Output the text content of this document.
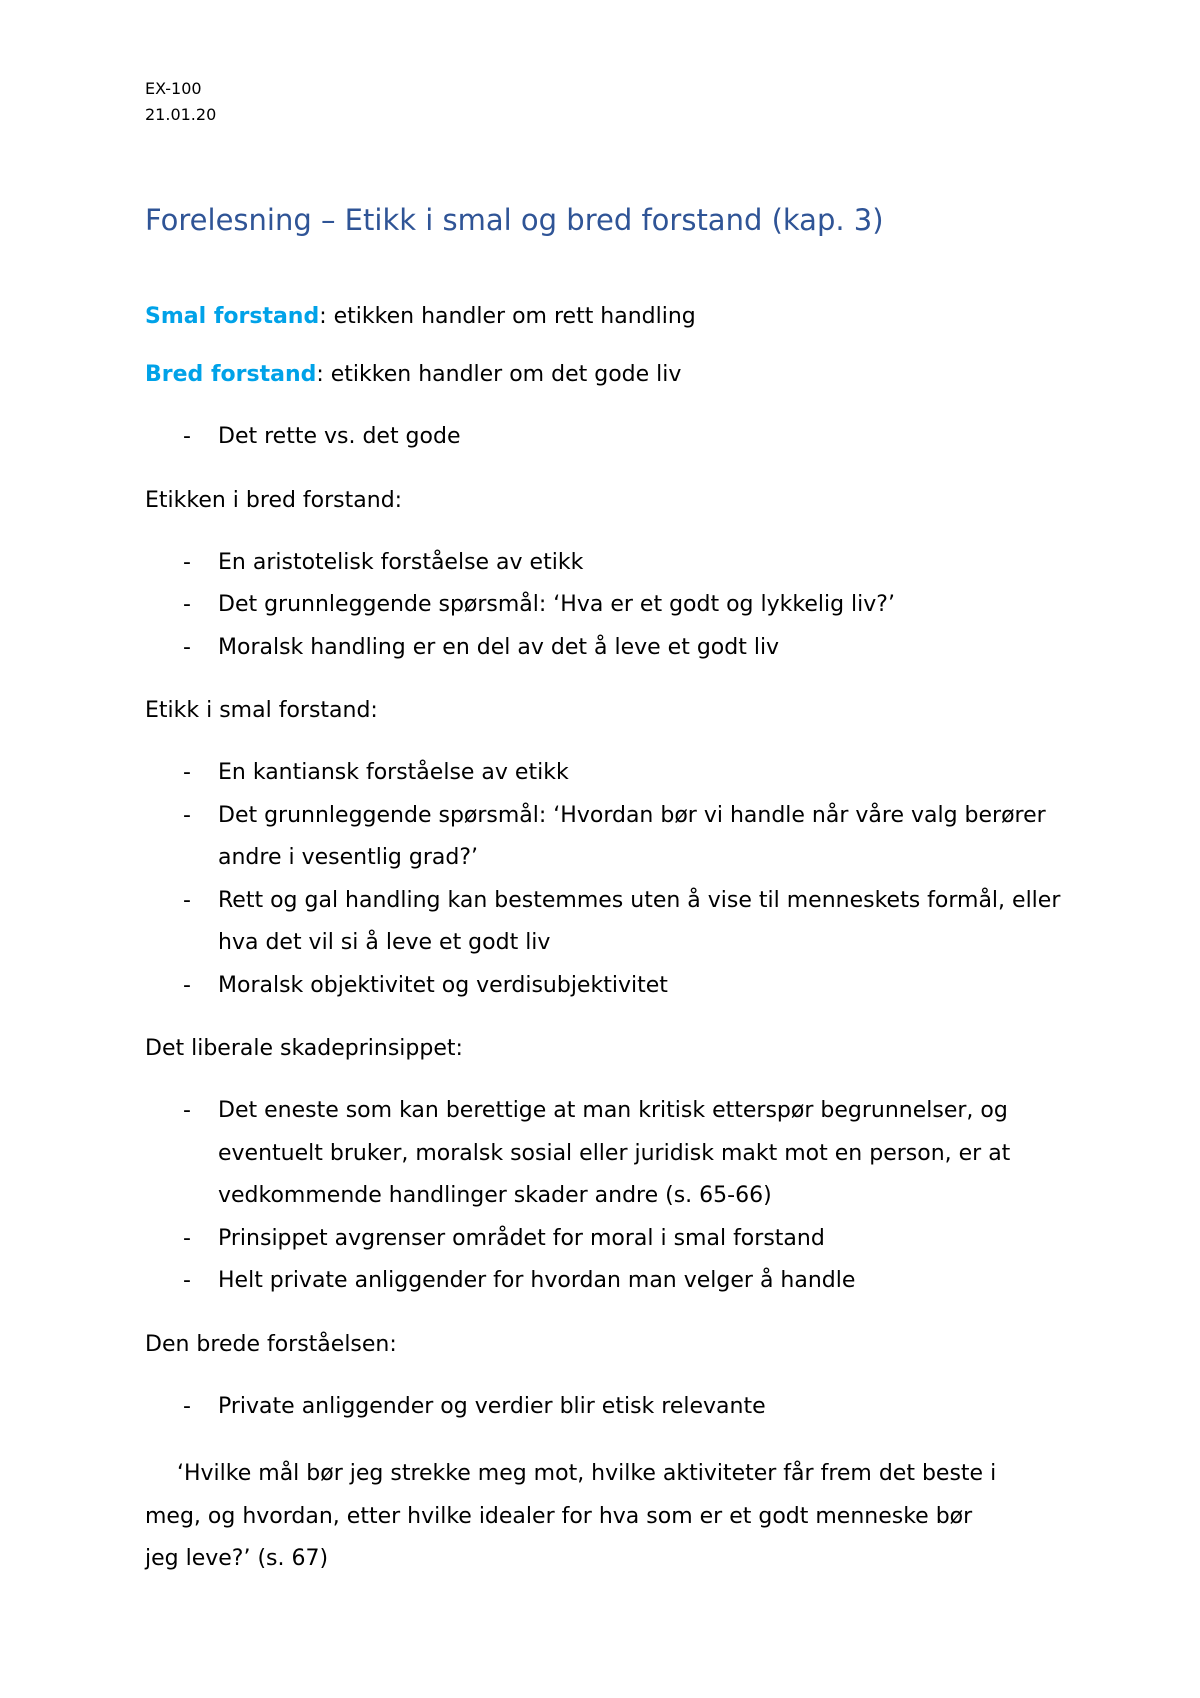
EX-100
21.01.20
Forelesning – Etikk i smal og bred forstand (kap. 3)

Smal forstand: etikken handler om rett handling

Bred forstand: etikken handler om det gode liv

- Det rette vs. det gode

Etikken i bred forstand:

- En aristotelisk forståelse av etikk
- Det grunnleggende spørsmål: ‘Hva er et godt og lykkelig liv?’
- Moralsk handling er en del av det å leve et godt liv

Etikk i smal forstand:

- En kantiansk forståelse av etikk
- Det grunnleggende spørsmål: ‘Hvordan bør vi handle når våre valg berører andre i vesentlig grad?’
- Rett og gal handling kan bestemmes uten å vise til menneskets formål, eller hva det vil si å leve et godt liv
- Moralsk objektivitet og verdisubjektivitet

Det liberale skadeprinsippet:

- Det eneste som kan berettige at man kritisk etterspør begrunnelser, og eventuelt bruker, moralsk sosial eller juridisk makt mot en person, er at vedkommende handlinger skader andre (s. 65-66)
- Prinsippet avgrenser området for moral i smal forstand
- Helt private anliggender for hvordan man velger å handle

Den brede forståelsen:

- Private anliggender og verdier blir etisk relevante

‘Hvilke mål bør jeg strekke meg mot, hvilke aktiviteter får frem det beste i meg, og hvordan, etter hvilke idealer for hva som er et godt menneske bør jeg leve?’ (s. 67)
